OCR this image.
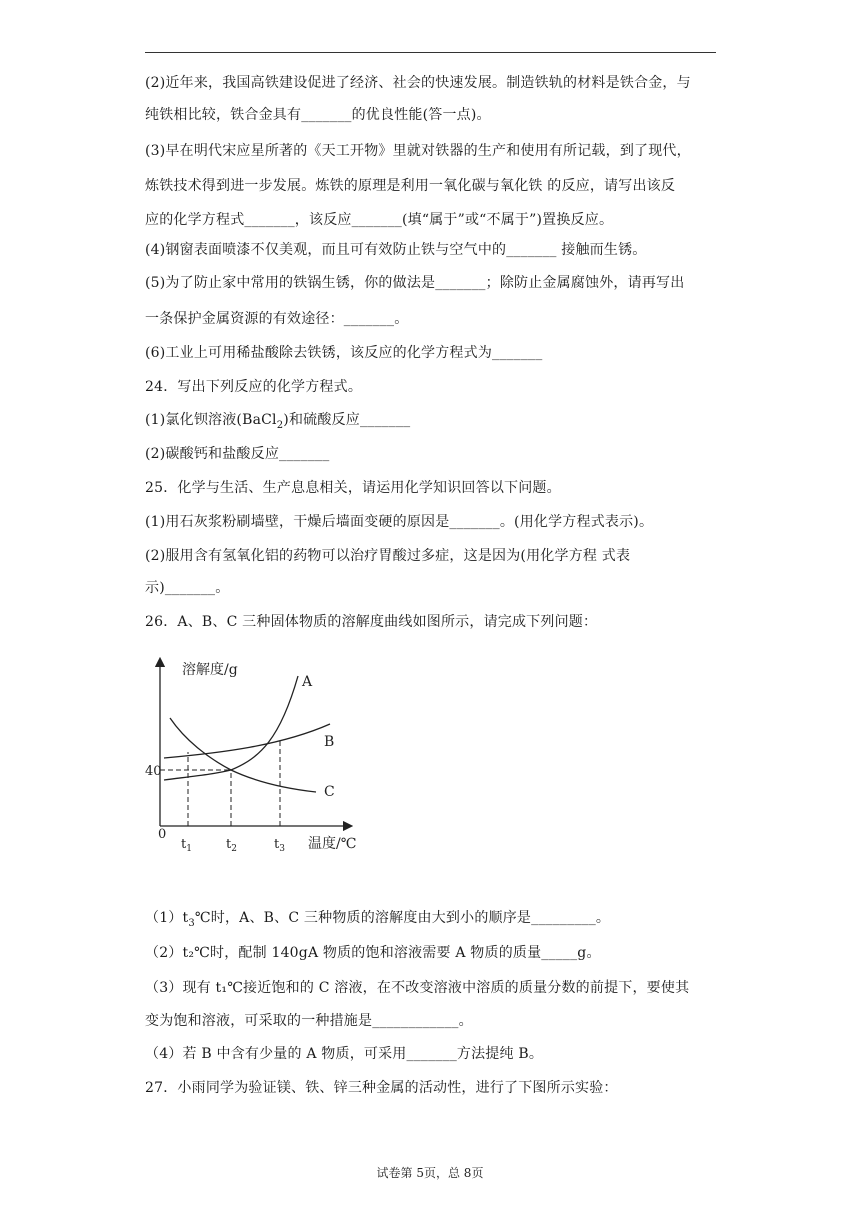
(2)近年来，我国高铁建设促进了经济、社会的快速发展。制造铁轨的材料是铁合金，与
纯铁相比较，铁合金具有_______的优良性能(答一点)。
(3)早在明代宋应星所著的《天工开物》里就对铁器的生产和使用有所记载，到了现代，
炼铁技术得到进一步发展。炼铁的原理是利用一氧化碳与氧化铁 的反应，请写出该反
应的化学方程式_______，该反应_______(填“属于”或“不属于”)置换反应。
(4)钢窗表面喷漆不仅美观，而且可有效防止铁与空气中的_______ 接触而生锈。
(5)为了防止家中常用的铁锅生锈，你的做法是_______；除防止金属腐蚀外，请再写出
一条保护金属资源的有效途径：_______。
(6)工业上可用稀盐酸除去铁锈，该反应的化学方程式为_______
24．写出下列反应的化学方程式。
(1)氯化钡溶液(BaCl$_2$)和硫酸反应_______
(2)碳酸钙和盐酸反应_______
25．化学与生活、生产息息相关，请运用化学知识回答以下问题。
(1)用石灰浆粉刷墙壁，干燥后墙面变硬的原因是_______。(用化学方程式表示)。
(2)服用含有氢氧化铝的药物可以治疗胃酸过多症，这是因为(用化学方程 式表
示)_______。
26．A、B、C 三种固体物质的溶解度曲线如图所示，请完成下列问题：
溶解度/g
温度/℃
0
40
$t_1$	$t_2$	$t_3$
A
B
C
$(1)t_3℃$时，A、B、C 三种物质的溶解度由大到小的顺序是_________。
（2）t₂℃时，配制 140gA 物质的饱和溶液需要 A 物质的质量_____g。
（3）现有 t₁℃接近饱和的 C 溶液，在不改变溶液中溶质的质量分数的前提下，要使其
变为饱和溶液，可采取的一种措施是____________。
（4）若 B 中含有少量的 A 物质，可采用_______方法提纯 B。
27．小雨同学为验证镁、铁、锌三种金属的活动性，进行了下图所示实验：
试卷第 5页，总 8页
